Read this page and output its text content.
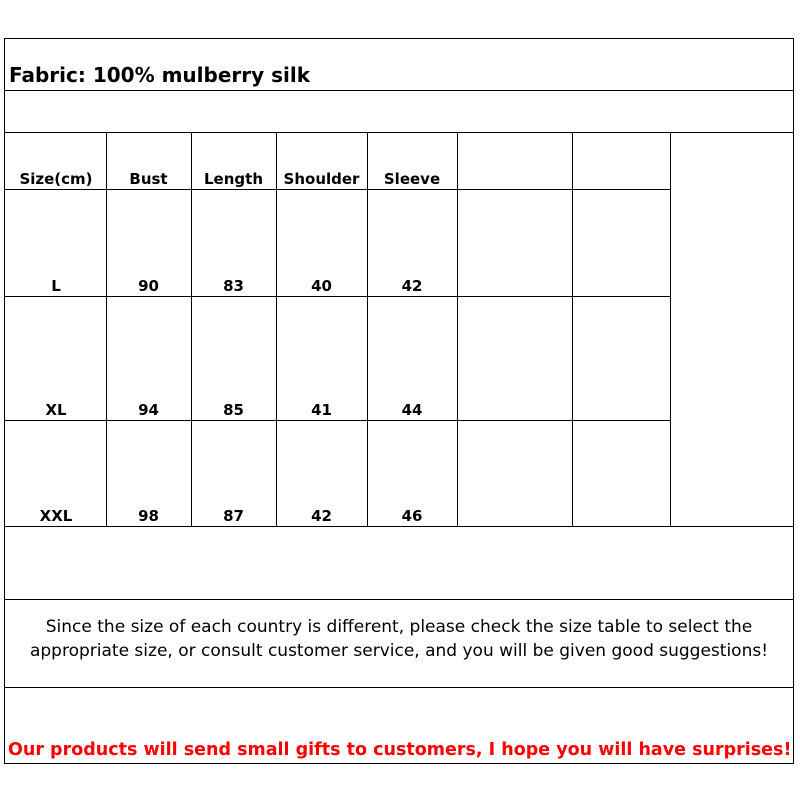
Fabric: 100% mulberry silk
Size(cm)	Bust	Length	Shoulder	Sleeve
L	90	83	40	42
XL	94	85	41	44
XXL	98	87	42	46
Since the size of each country is different, please check the size table to select the
appropriate size, or consult customer service, and you will be given good suggestions!
Our products will send small gifts to customers, I hope you will have surprises!
